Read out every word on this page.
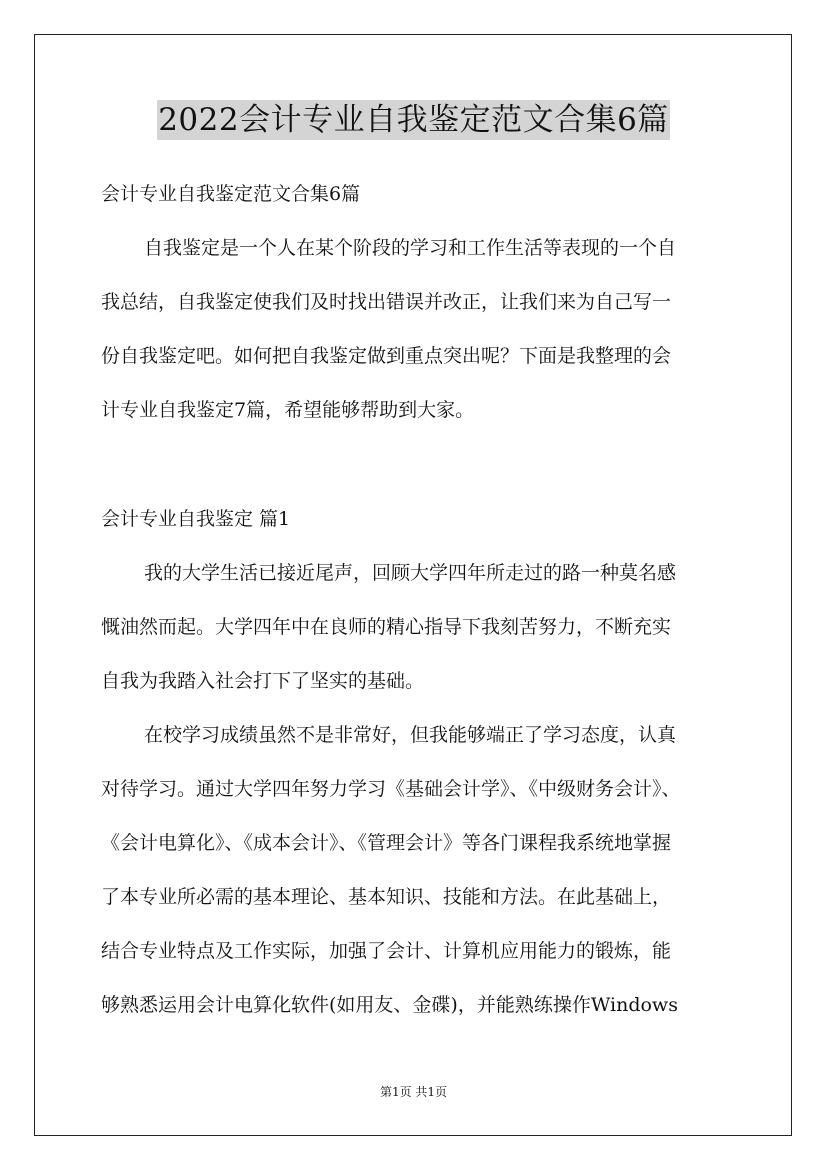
2022会计专业自我鉴定范文合集6篇
会计专业自我鉴定范文合集6篇
自我鉴定是一个人在某个阶段的学习和工作生活等表现的一个自
我总结，自我鉴定使我们及时找出错误并改正，让我们来为自己写一
份自我鉴定吧。如何把自我鉴定做到重点突出呢？下面是我整理的会
计专业自我鉴定7篇，希望能够帮助到大家。
会计专业自我鉴定 篇1
我的大学生活已接近尾声，回顾大学四年所走过的路一种莫名感
慨油然而起。大学四年中在良师的精心指导下我刻苦努力，不断充实
自我为我踏入社会打下了坚实的基础。
在校学习成绩虽然不是非常好，但我能够端正了学习态度，认真
对待学习。通过大学四年努力学习《基础会计学》、《中级财务会计》、
《会计电算化》、《成本会计》、《管理会计》等各门课程我系统地掌握
了本专业所必需的基本理论、基本知识、技能和方法。在此基础上，
结合专业特点及工作实际，加强了会计、计算机应用能力的锻炼，能
够熟悉运用会计电算化软件(如用友、金碟)，并能熟练操作Windows
第1页 共1页
